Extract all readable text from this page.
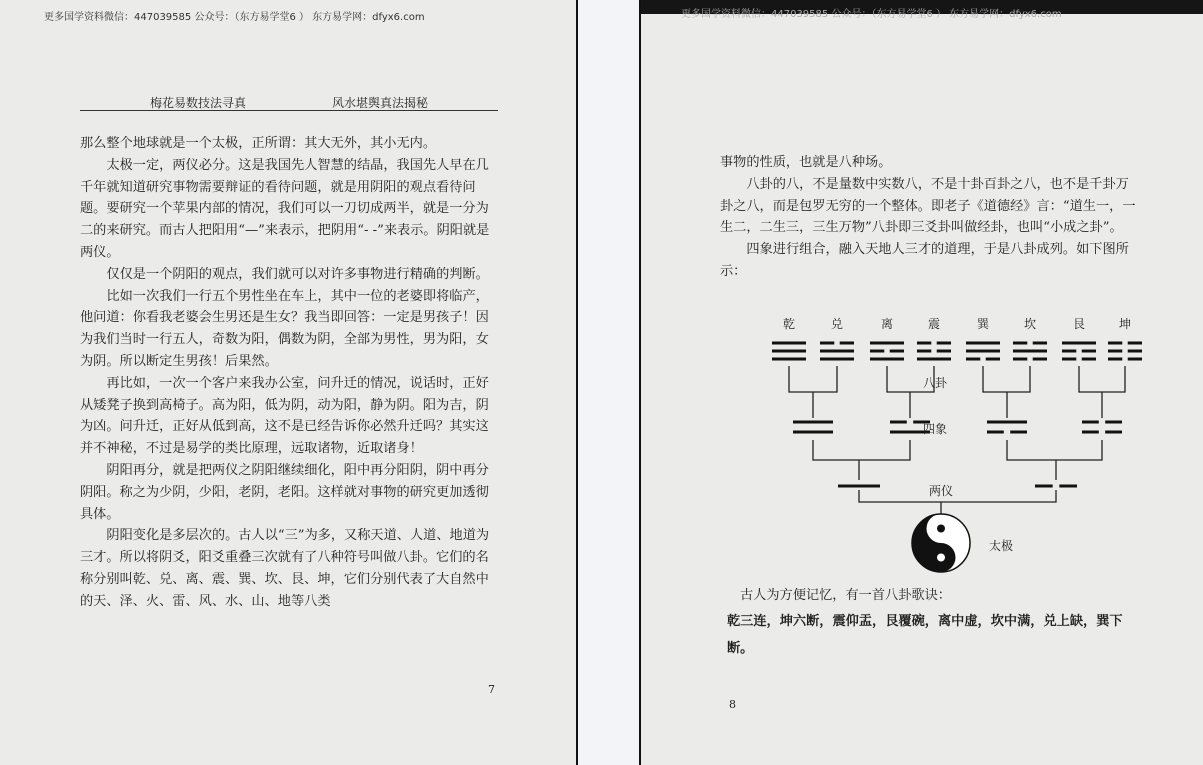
更多国学资料微信：447039585 公众号：（东方易学堂6 ） 东方易学网：dfyx6.com
梅花易数技法寻真	风水堪舆真法揭秘

那么整个地球就是一个太极，正所谓：其大无外，其小无内。

太极一定，两仪必分。这是我国先人智慧的结晶，我国先人早在几千年就知道研究事物需要辩证的看待问题，就是用阴阳的观点看待问题。要研究一个苹果内部的情况，我们可以一刀切成两半，就是一分为二的来研究。而古人把阳用“—”来表示，把阴用“- -”来表示。阴阳就是两仪。

仅仅是一个阴阳的观点，我们就可以对许多事物进行精确的判断。

比如一次我们一行五个男性坐在车上，其中一位的老婆即将临产，他问道：你看我老婆会生男还是生女？我当即回答：一定是男孩子！因为我们当时一行五人，奇数为阳，偶数为阴，全部为男性，男为阳，女为阴。所以断定生男孩！后果然。

再比如，一次一个客户来我办公室，问升迁的情况，说话时，正好从矮凳子换到高椅子。高为阳，低为阴，动为阳，静为阴。阳为吉，阴为凶。问升迁，正好从低到高，这不是已经告诉你必然升迁吗？其实这并不神秘，不过是易学的类比原理，远取诸物，近取诸身！

阴阳再分，就是把两仪之阴阳继续细化，阳中再分阳阴，阴中再分阴阳。称之为少阴，少阳，老阴，老阳。这样就对事物的研究更加透彻具体。

阴阳变化是多层次的。古人以“三”为多，又称天道、人道、地道为三才。所以将阴爻，阳爻重叠三次就有了八种符号叫做八卦。它们的名称分别叫乾、兑、离、震、巽、坎、艮、坤，它们分别代表了大自然中的天、泽、火、雷、风、水、山、地等八类

7
更多国学资料微信：447039585 公众号：（东方易学堂6 ） 东方易学网：dfyx6.com

事物的性质，也就是八种场。

八卦的八，不是量数中实数八，不是十卦百卦之八，也不是千卦万卦之八，而是包罗无穷的一个整体。即老子《道德经》言：“道生一，一生二，二生三，三生万物”八卦即三爻卦叫做经卦，也叫“小成之卦”。

四象进行组合，融入天地人三才的道理，于是八卦成列。如下图所示：

乾	兑	离	震	巽	坎	艮	坤
八卦
四象
两仪
太极
古人为方便记忆，有一首八卦歌诀：
乾三连，坤六断，震仰盂，艮覆碗，离中虚，坎中满，兑上缺，巽下断。
8
